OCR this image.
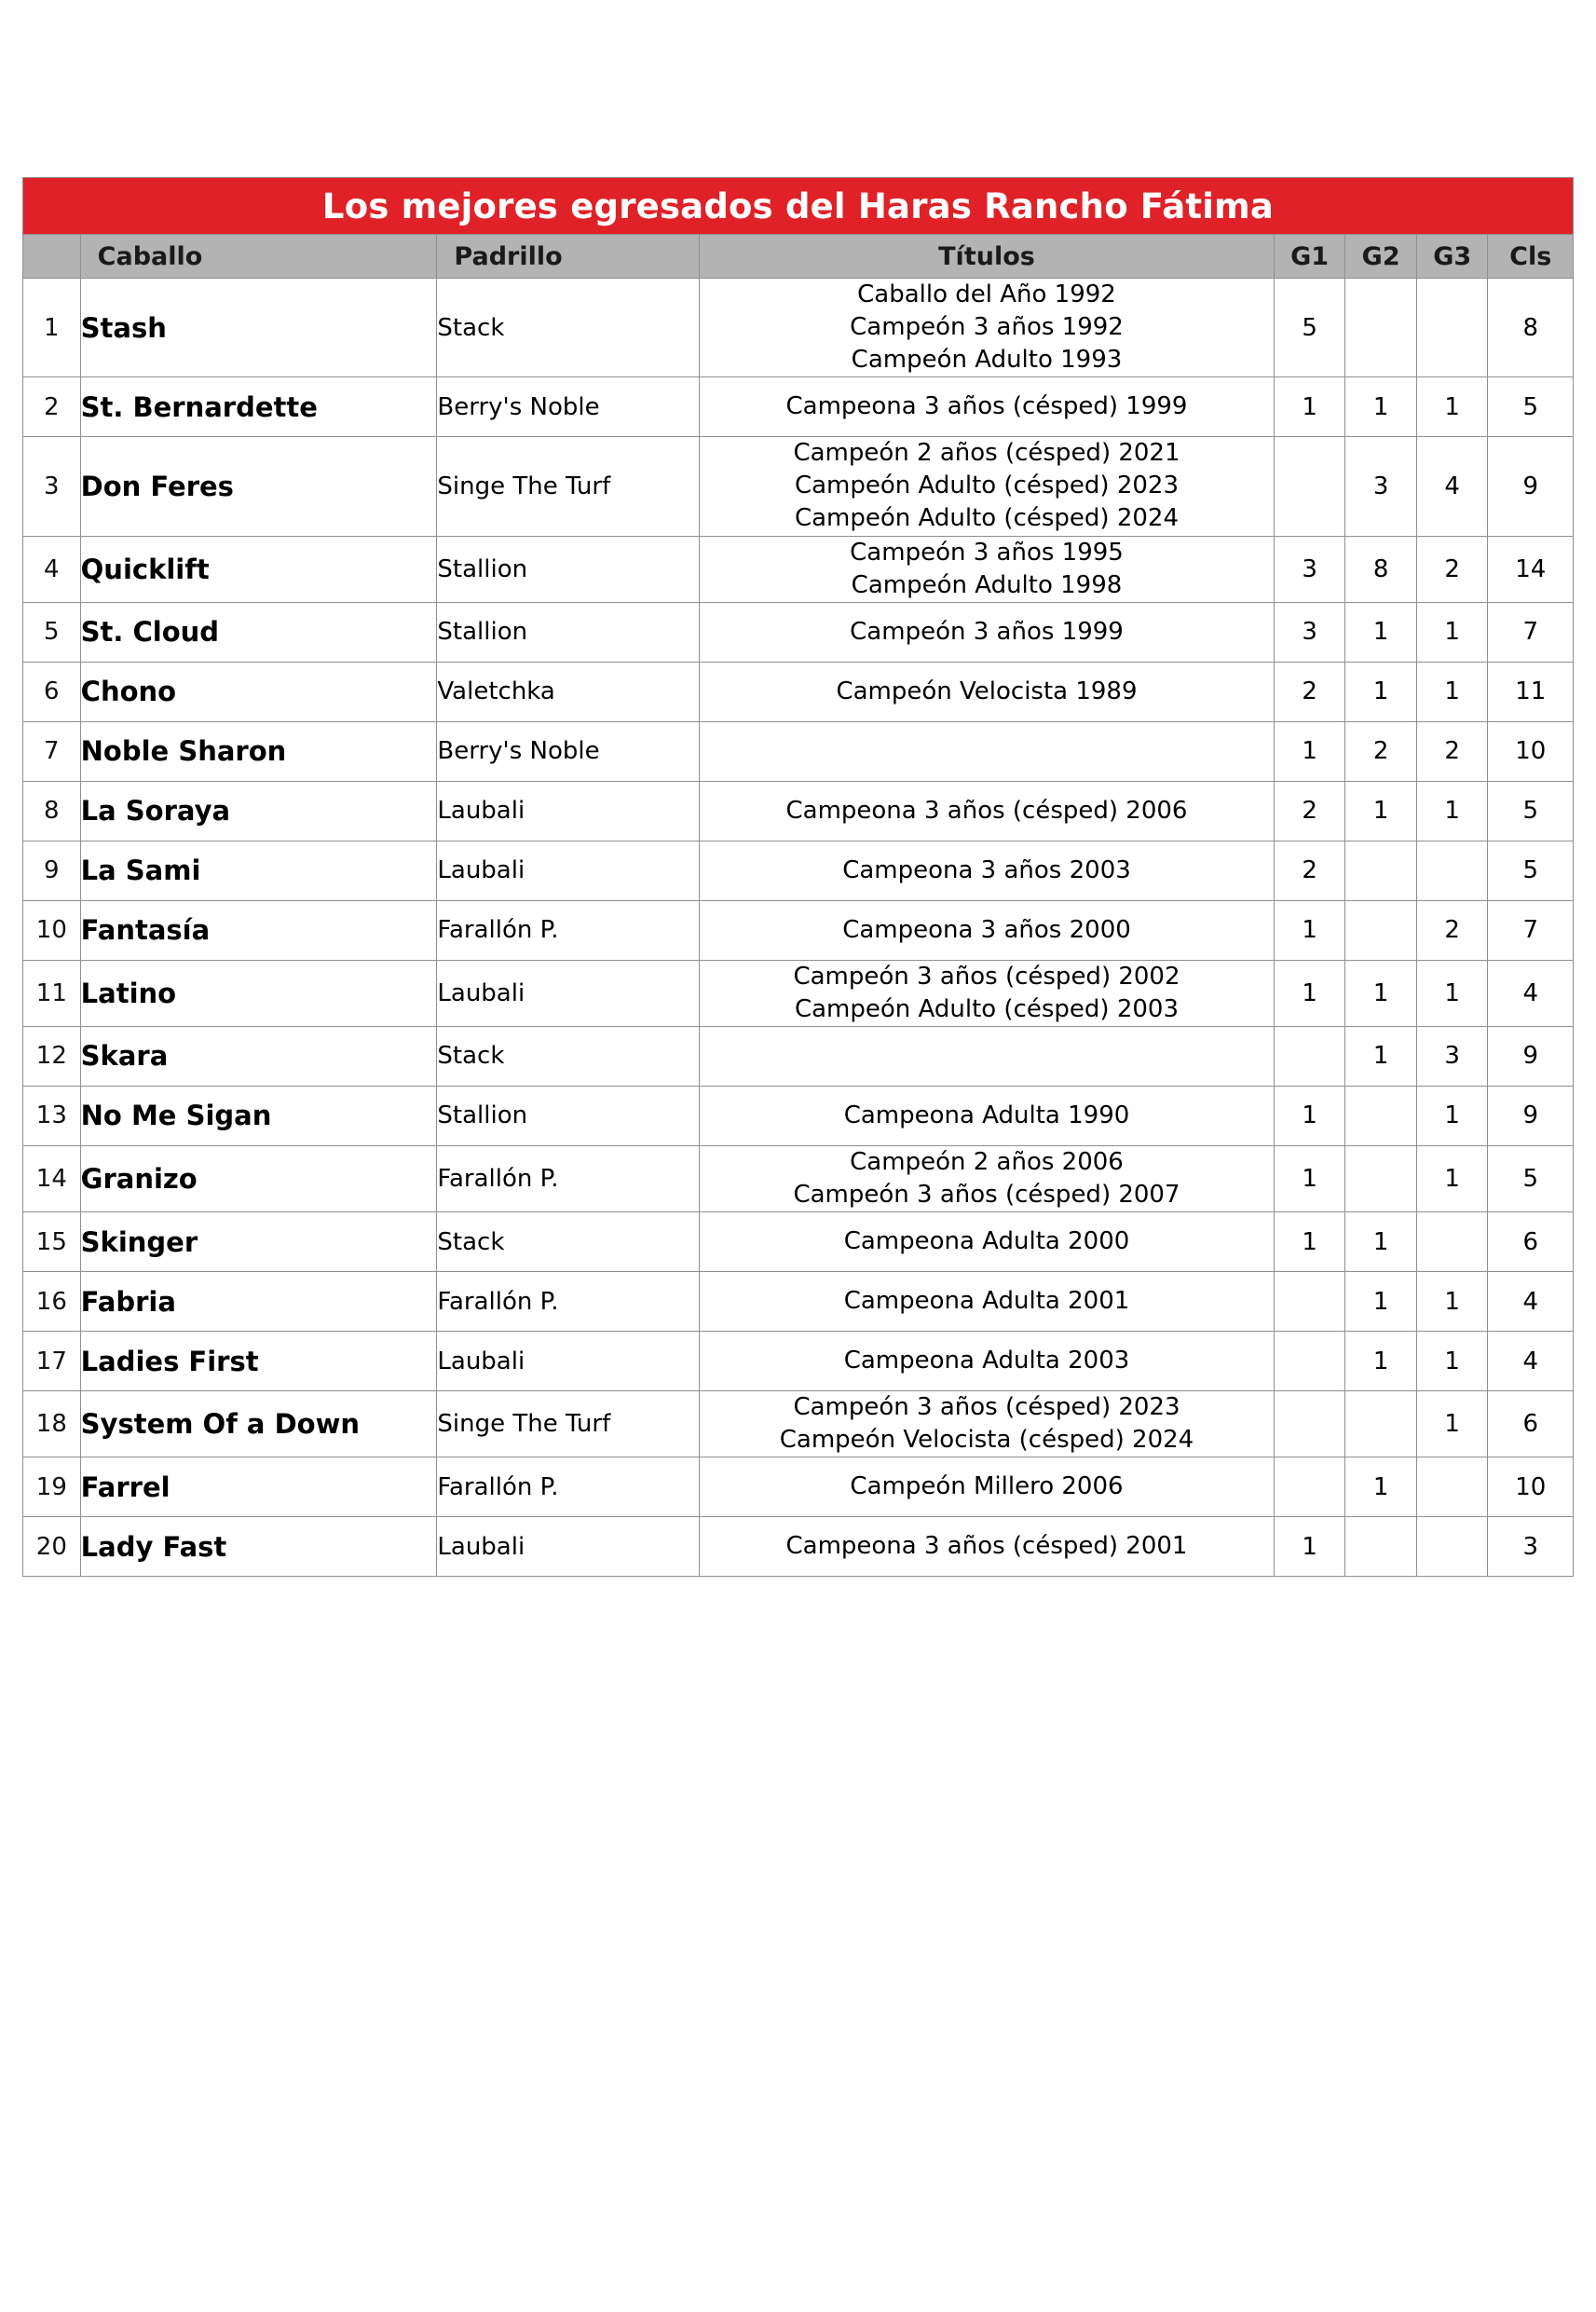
Los mejores egresados del Haras Rancho Fátima							
	Caballo	Padrillo	Títulos	G1	G2	G3	Cls
1	Stash	Stack	Caballo del Año 1992
Campeón 3 años 1992
Campeón Adulto 1993	5			8
2	St. Bernardette	Berry's Noble	Campeona 3 años (césped) 1999	1	1	1	5
3	Don Feres	Singe The Turf	Campeón 2 años (césped) 2021
Campeón Adulto (césped) 2023
Campeón Adulto (césped) 2024		3	4	9
4	Quicklift	Stallion	Campeón 3 años 1995
Campeón Adulto 1998	3	8	2	14
5	St. Cloud	Stallion	Campeón 3 años 1999	3	1	1	7
6	Chono	Valetchka	Campeón Velocista 1989	2	1	1	11
7	Noble Sharon	Berry's Noble		1	2	2	10
8	La Soraya	Laubali	Campeona 3 años (césped) 2006	2	1	1	5
9	La Sami	Laubali	Campeona 3 años 2003	2			5
10	Fantasía	Farallón P.	Campeona 3 años 2000	1		2	7
11	Latino	Laubali	Campeón 3 años (césped) 2002
Campeón Adulto (césped) 2003	1	1	1	4
12	Skara	Stack			1	3	9
13	No Me Sigan	Stallion	Campeona Adulta 1990	1		1	9
14	Granizo	Farallón P.	Campeón 2 años 2006
Campeón 3 años (césped) 2007	1		1	5
15	Skinger	Stack	Campeona Adulta 2000	1	1		6
16	Fabria	Farallón P.	Campeona Adulta 2001		1	1	4
17	Ladies First	Laubali	Campeona Adulta 2003		1	1	4
18	System Of a Down	Singe The Turf	Campeón 3 años (césped) 2023
Campeón Velocista (césped) 2024			1	6
19	Farrel	Farallón P.	Campeón Millero 2006		1		10
20	Lady Fast	Laubali	Campeona 3 años (césped) 2001	1			3
